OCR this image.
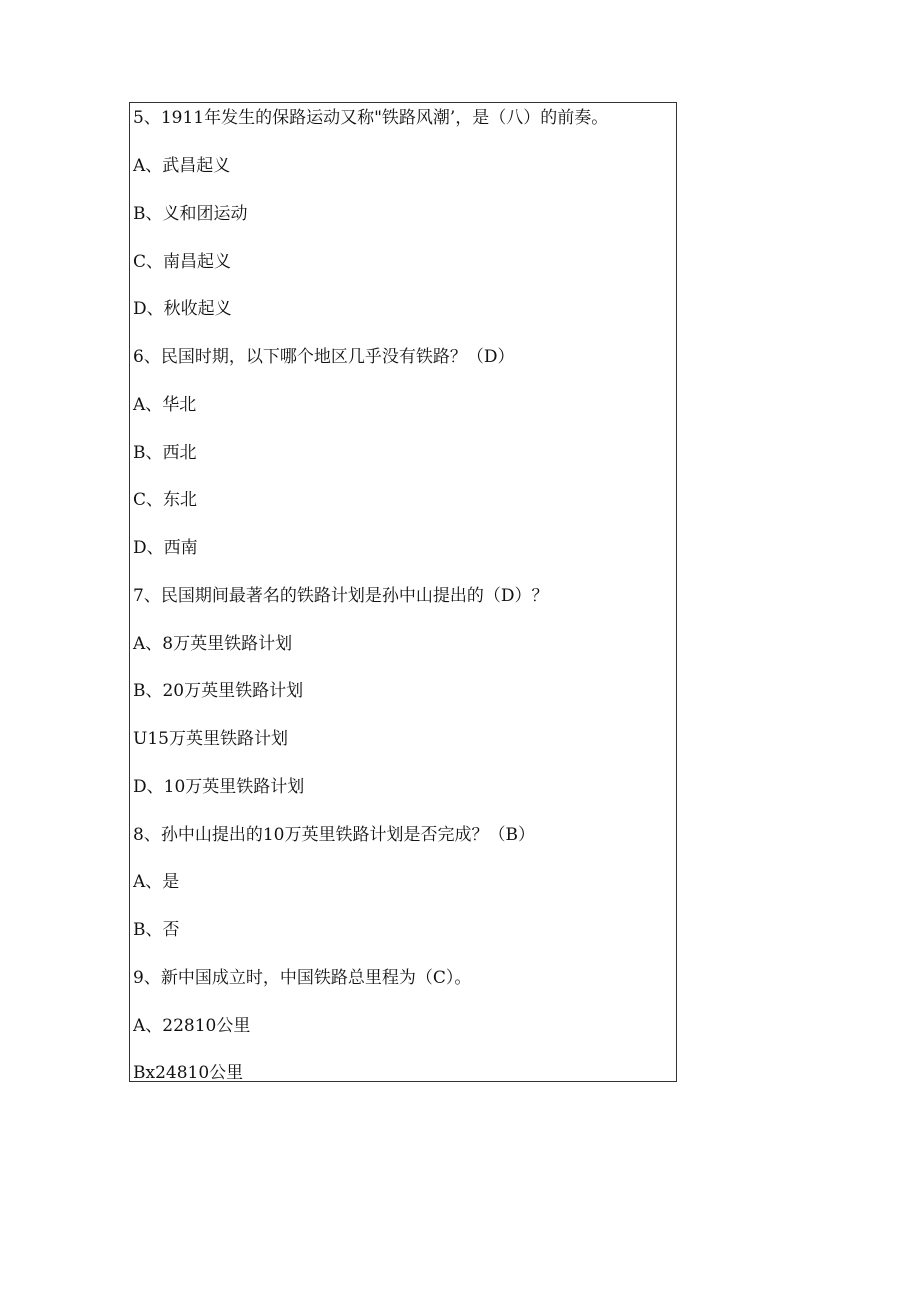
5、1911年发生的保路运动又称"铁路风潮’，是（八）的前奏。
A、武昌起义
B、义和团运动
C、南昌起义
D、秋收起义
6、民国时期，以下哪个地区几乎没有铁路？（D）
A、华北
B、西北
C、东北
D、西南
7、民国期间最著名的铁路计划是孙中山提出的（D）？
A、8万英里铁路计划
B、20万英里铁路计划
U15万英里铁路计划
D、10万英里铁路计划
8、孙中山提出的10万英里铁路计划是否完成？（B）
A、是
B、否
9、新中国成立时，中国铁路总里程为（C）。
A、22810公里
Bx24810公里
